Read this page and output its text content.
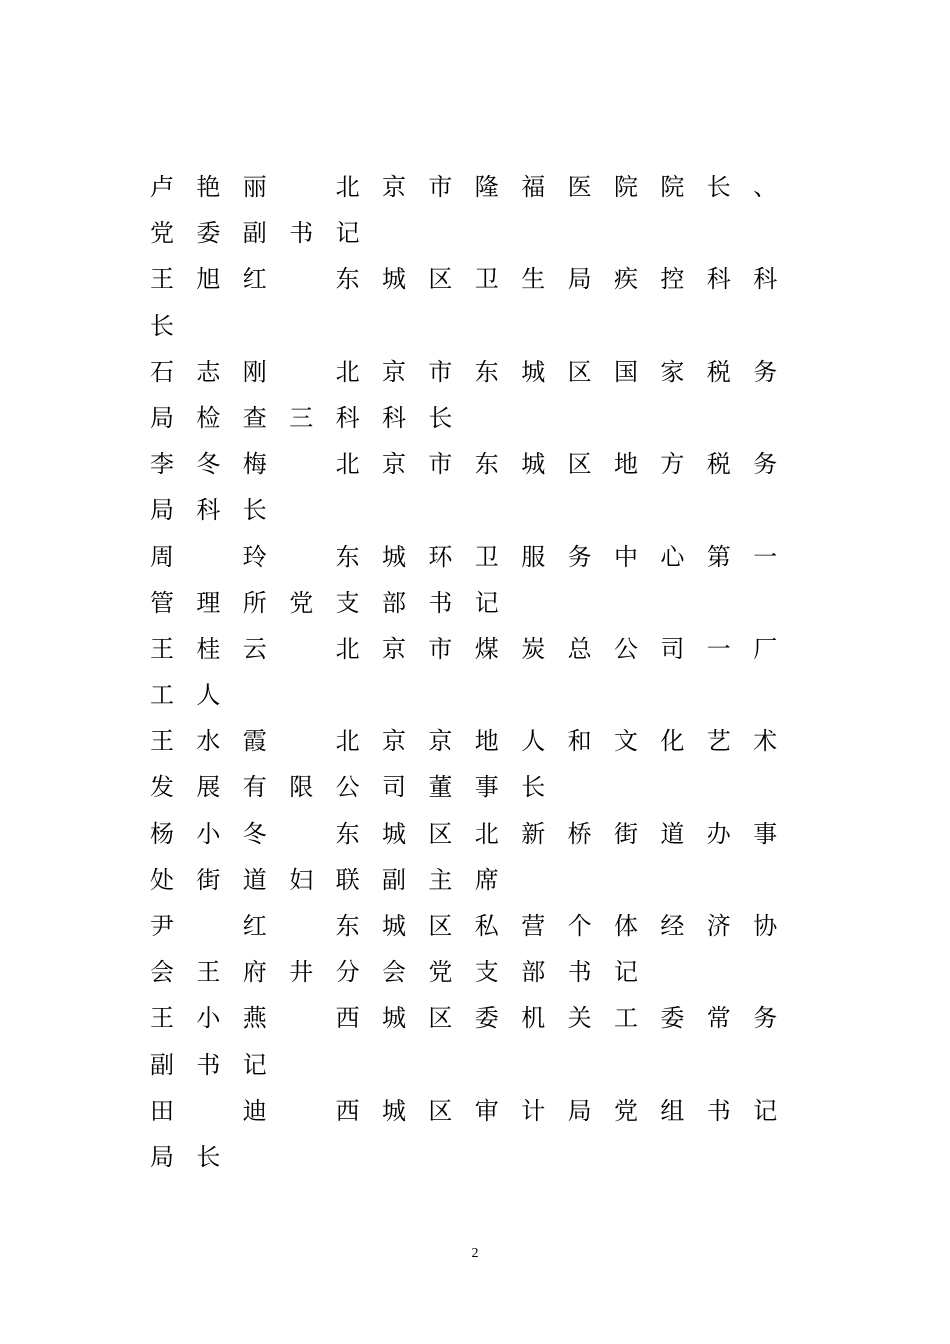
卢艳丽　北京市隆福医院院长、
党委副书记
王旭红　东城区卫生局疾控科科
长
石志刚　北京市东城区国家税务
局检查三科科长
李冬梅　北京市东城区地方税务
局科长
周　玲　东城环卫服务中心第一
管理所党支部书记
王桂云　北京市煤炭总公司一厂
工人
王水霞　北京京地人和文化艺术
发展有限公司董事长
杨小冬　东城区北新桥街道办事
处街道妇联副主席
尹　红　东城区私营个体经济协
会王府井分会党支部书记
王小燕　西城区委机关工委常务
副书记
田　迪　西城区审计局党组书记
局长
2
